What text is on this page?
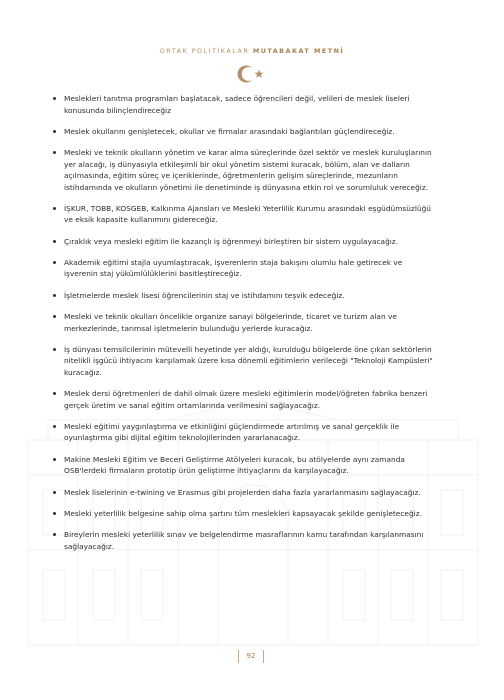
ORTAK POLİTİKALAR MUTABAKAT METNİ
Meslekleri tanıtma programları başlatacak, sadece öğrencileri değil, velileri de meslek liseleri konusunda bilinçlendireceğiz
Meslek okullarını genişletecek, okullar ve firmalar arasındaki bağlantıları güçlendireceğiz.
Mesleki ve teknik okulların yönetim ve karar alma süreçlerinde özel sektör ve meslek kuruluşlarının yer alacağı, iş dünyasıyla etkileşimli bir okul yönetim sistemi kuracak, bölüm, alan ve dalların açılmasında, eğitim süreç ve içeriklerinde, öğretmenlerin gelişim süreçlerinde, mezunların istihdamında ve okulların yönetimi ile denetiminde iş dünyasına etkin rol ve sorumluluk vereceğiz.
İŞKUR, TOBB, KOSGEB, Kalkınma Ajansları ve Mesleki Yeterlilik Kurumu arasındaki eşgüdümsüzlüğü ve eksik kapasite kullanımını gidereceğiz.
Çıraklık veya mesleki eğitim ile kazançlı iş öğrenmeyi birleştiren bir sistem uygulayacağız.
Akademik eğitimi stajla uyumlaştıracak, işverenlerin staja bakışını olumlu hale getirecek ve işverenin staj yükümlülüklerini basitleştireceğiz.
İşletmelerde meslek lisesi öğrencilerinin staj ve istihdamını teşvik edeceğiz.
Mesleki ve teknik okulları öncelikle organize sanayi bölgelerinde, ticaret ve turizm alan ve merkezlerinde, tarımsal işletmelerin bulunduğu yerlerde kuracağız.
İş dünyası temsilcilerinin mütevelli heyetinde yer aldığı, kurulduğu bölgelerde öne çıkan sektörlerin nitelikli işgücü ihtiyacını karşılamak üzere kısa dönemli eğitimlerin verileceği "Teknoloji Kampüsleri" kuracağız.
Meslek dersi öğretmenleri de dahil olmak üzere mesleki eğitimlerin model/öğreten fabrika benzeri gerçek üretim ve sanal eğitim ortamlarında verilmesini sağlayacağız.
Mesleki eğitimi yaygınlaştırma ve etkinliğini güçlendirmede artırılmış ve sanal gerçeklik ile oyunlaştırma gibi dijital eğitim teknolojilerinden yararlanacağız.
Makine Mesleki Eğitim ve Beceri Geliştirme Atölyeleri kuracak, bu atölyelerde aynı zamanda OSB'lerdeki firmaların prototip ürün geliştirme ihtiyaçlarını da karşılayacağız.
Meslek liselerinin e-twining ve Erasmus gibi projelerden daha fazla yararlanmasını sağlayacağız.
Mesleki yeterlilik belgesine sahip olma şartını tüm meslekleri kapsayacak şekilde genişleteceğiz.
Bireylerin mesleki yeterlilik sınav ve belgelendirme masraflarının kamu tarafından karşılanmasını sağlayacağız.
92
